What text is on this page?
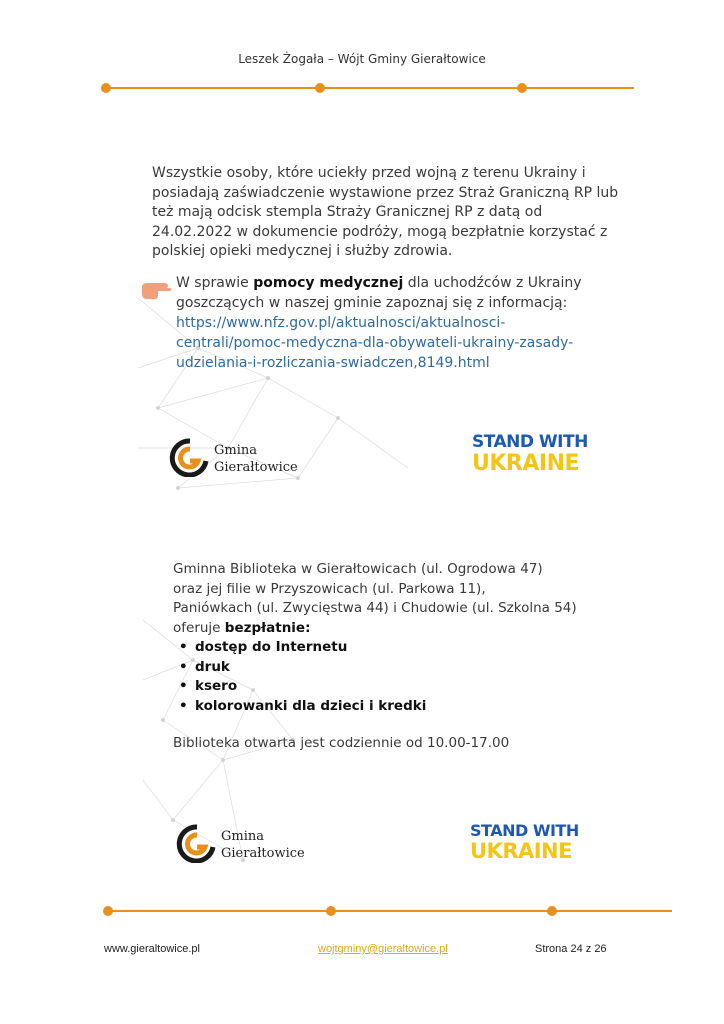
Leszek Żogała – Wójt Gminy Gierałtowice
Wszystkie osoby, które uciekły przed wojną z terenu Ukrainy i posiadają zaświadczenie wystawione przez Straż Graniczną RP lub też mają odcisk stempla Straży Granicznej RP z datą od 24.02.2022 w dokumencie podróży, mogą bezpłatnie korzystać z polskiej opieki medycznej i służby zdrowia.
W sprawie pomocy medycznej dla uchodźców z Ukrainy goszczących w naszej gminie zapoznaj się z informacją:
https://www.nfz.gov.pl/aktualnosci/aktualnosci-centrali/pomoc-medyczna-dla-obywateli-ukrainy-zasady-udzielania-i-rozliczania-swiadczen,8149.html
Gmina
Gierałtowice
STAND WITH
UKRAINE
Gminna Biblioteka w Gierałtowicach (ul. Ogrodowa 47)
oraz jej filie w Przyszowicach (ul. Parkowa 11),
Paniówkach (ul. Zwycięstwa 44) i Chudowie (ul. Szkolna 54)
oferuje bezpłatnie:
• dostęp do Internetu
• druk
• ksero
• kolorowanki dla dzieci i kredki
Biblioteka otwarta jest codziennie od 10.00-17.00
Gmina
Gierałtowice
STAND WITH
UKRAINE
www.gieraltowice.pl	wojtgminy@gieraltowice.pl	Strona 24 z 26
